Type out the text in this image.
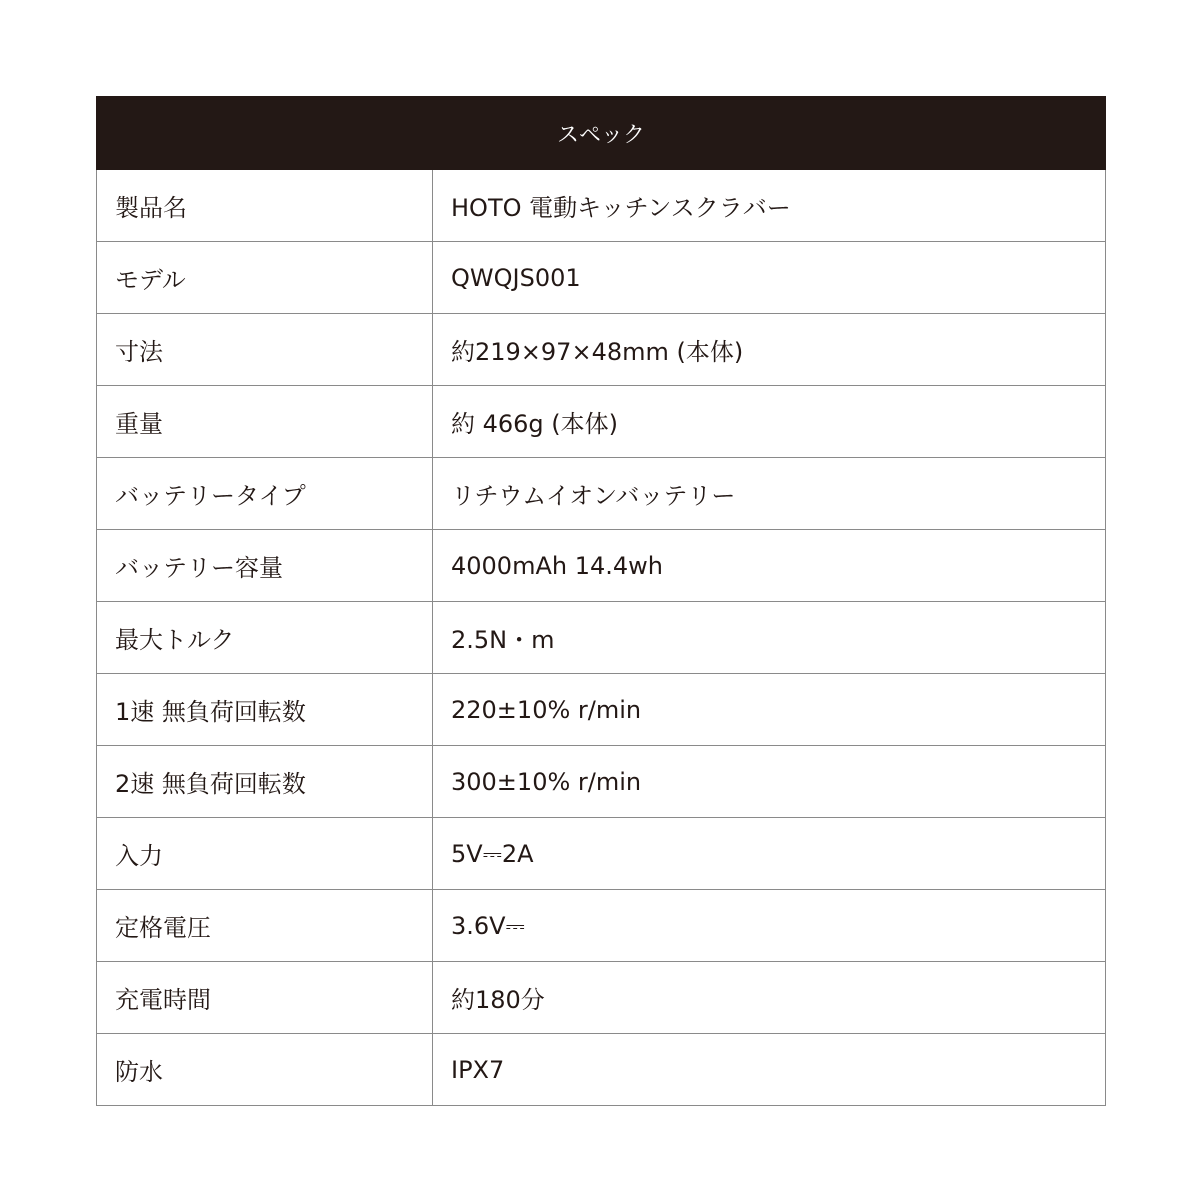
スペック	
製品名	HOTO 電動キッチンスクラバー
モデル	QWQJS001
寸法	約219×97×48mm (本体)
重量	約 466g (本体)
バッテリータイプ	リチウムイオンバッテリー
バッテリー容量	4000mAh 14.4wh
最大トルク	2.5N・m
1速 無負荷回転数	220±10% r/min
2速 無負荷回転数	300±10% r/min
入力	5V⎓2A
定格電圧	3.6V⎓
充電時間	約180分
防水	IPX7
